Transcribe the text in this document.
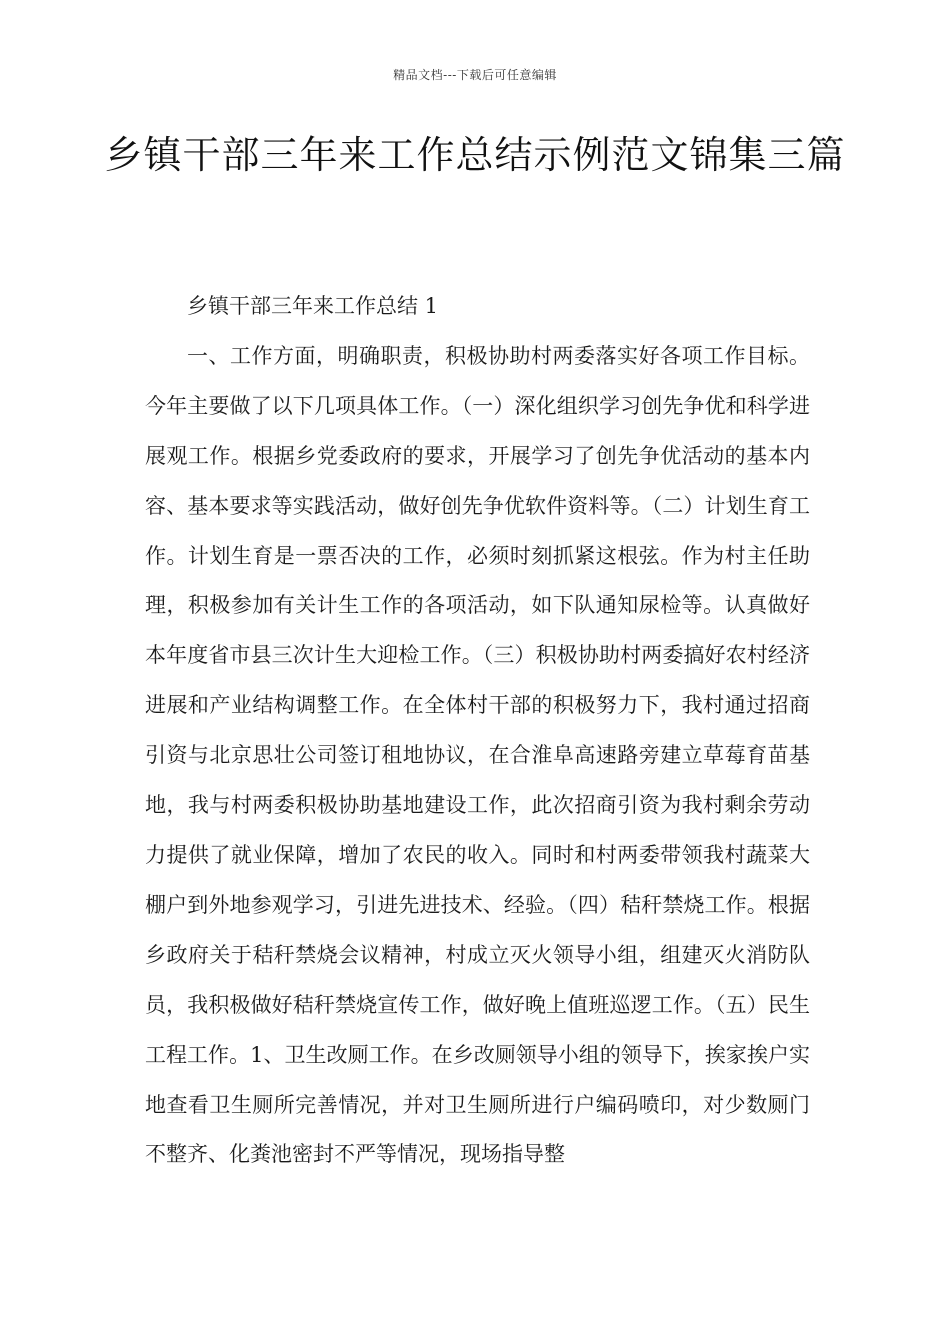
精品文档---下载后可任意编辑
乡镇干部三年来工作总结示例范文锦集三篇

乡镇干部三年来工作总结 1

一、工作方面，明确职责，积极协助村两委落实好各项工作目标。今年主要做了以下几项具体工作。（一）深化组织学习创先争优和科学进展观工作。根据乡党委政府的要求，开展学习了创先争优活动的基本内容、基本要求等实践活动，做好创先争优软件资料等。（二）计划生育工作。计划生育是一票否决的工作，必须时刻抓紧这根弦。作为村主任助理，积极参加有关计生工作的各项活动，如下队通知尿检等。认真做好本年度省市县三次计生大迎检工作。（三）积极协助村两委搞好农村经济进展和产业结构调整工作。在全体村干部的积极努力下，我村通过招商引资与北京思壮公司签订租地协议，在合淮阜高速路旁建立草莓育苗基地，我与村两委积极协助基地建设工作，此次招商引资为我村剩余劳动力提供了就业保障，增加了农民的收入。同时和村两委带领我村蔬菜大棚户到外地参观学习，引进先进技术、经验。（四）秸秆禁烧工作。根据乡政府关于秸秆禁烧会议精神，村成立灭火领导小组，组建灭火消防队员，我积极做好秸秆禁烧宣传工作，做好晚上值班巡逻工作。（五）民生工程工作。1、卫生改厕工作。在乡改厕领导小组的领导下，挨家挨户实地查看卫生厕所完善情况，并对卫生厕所进行户编码喷印，对少数厕门不整齐、化粪池密封不严等情况，现场指导整
